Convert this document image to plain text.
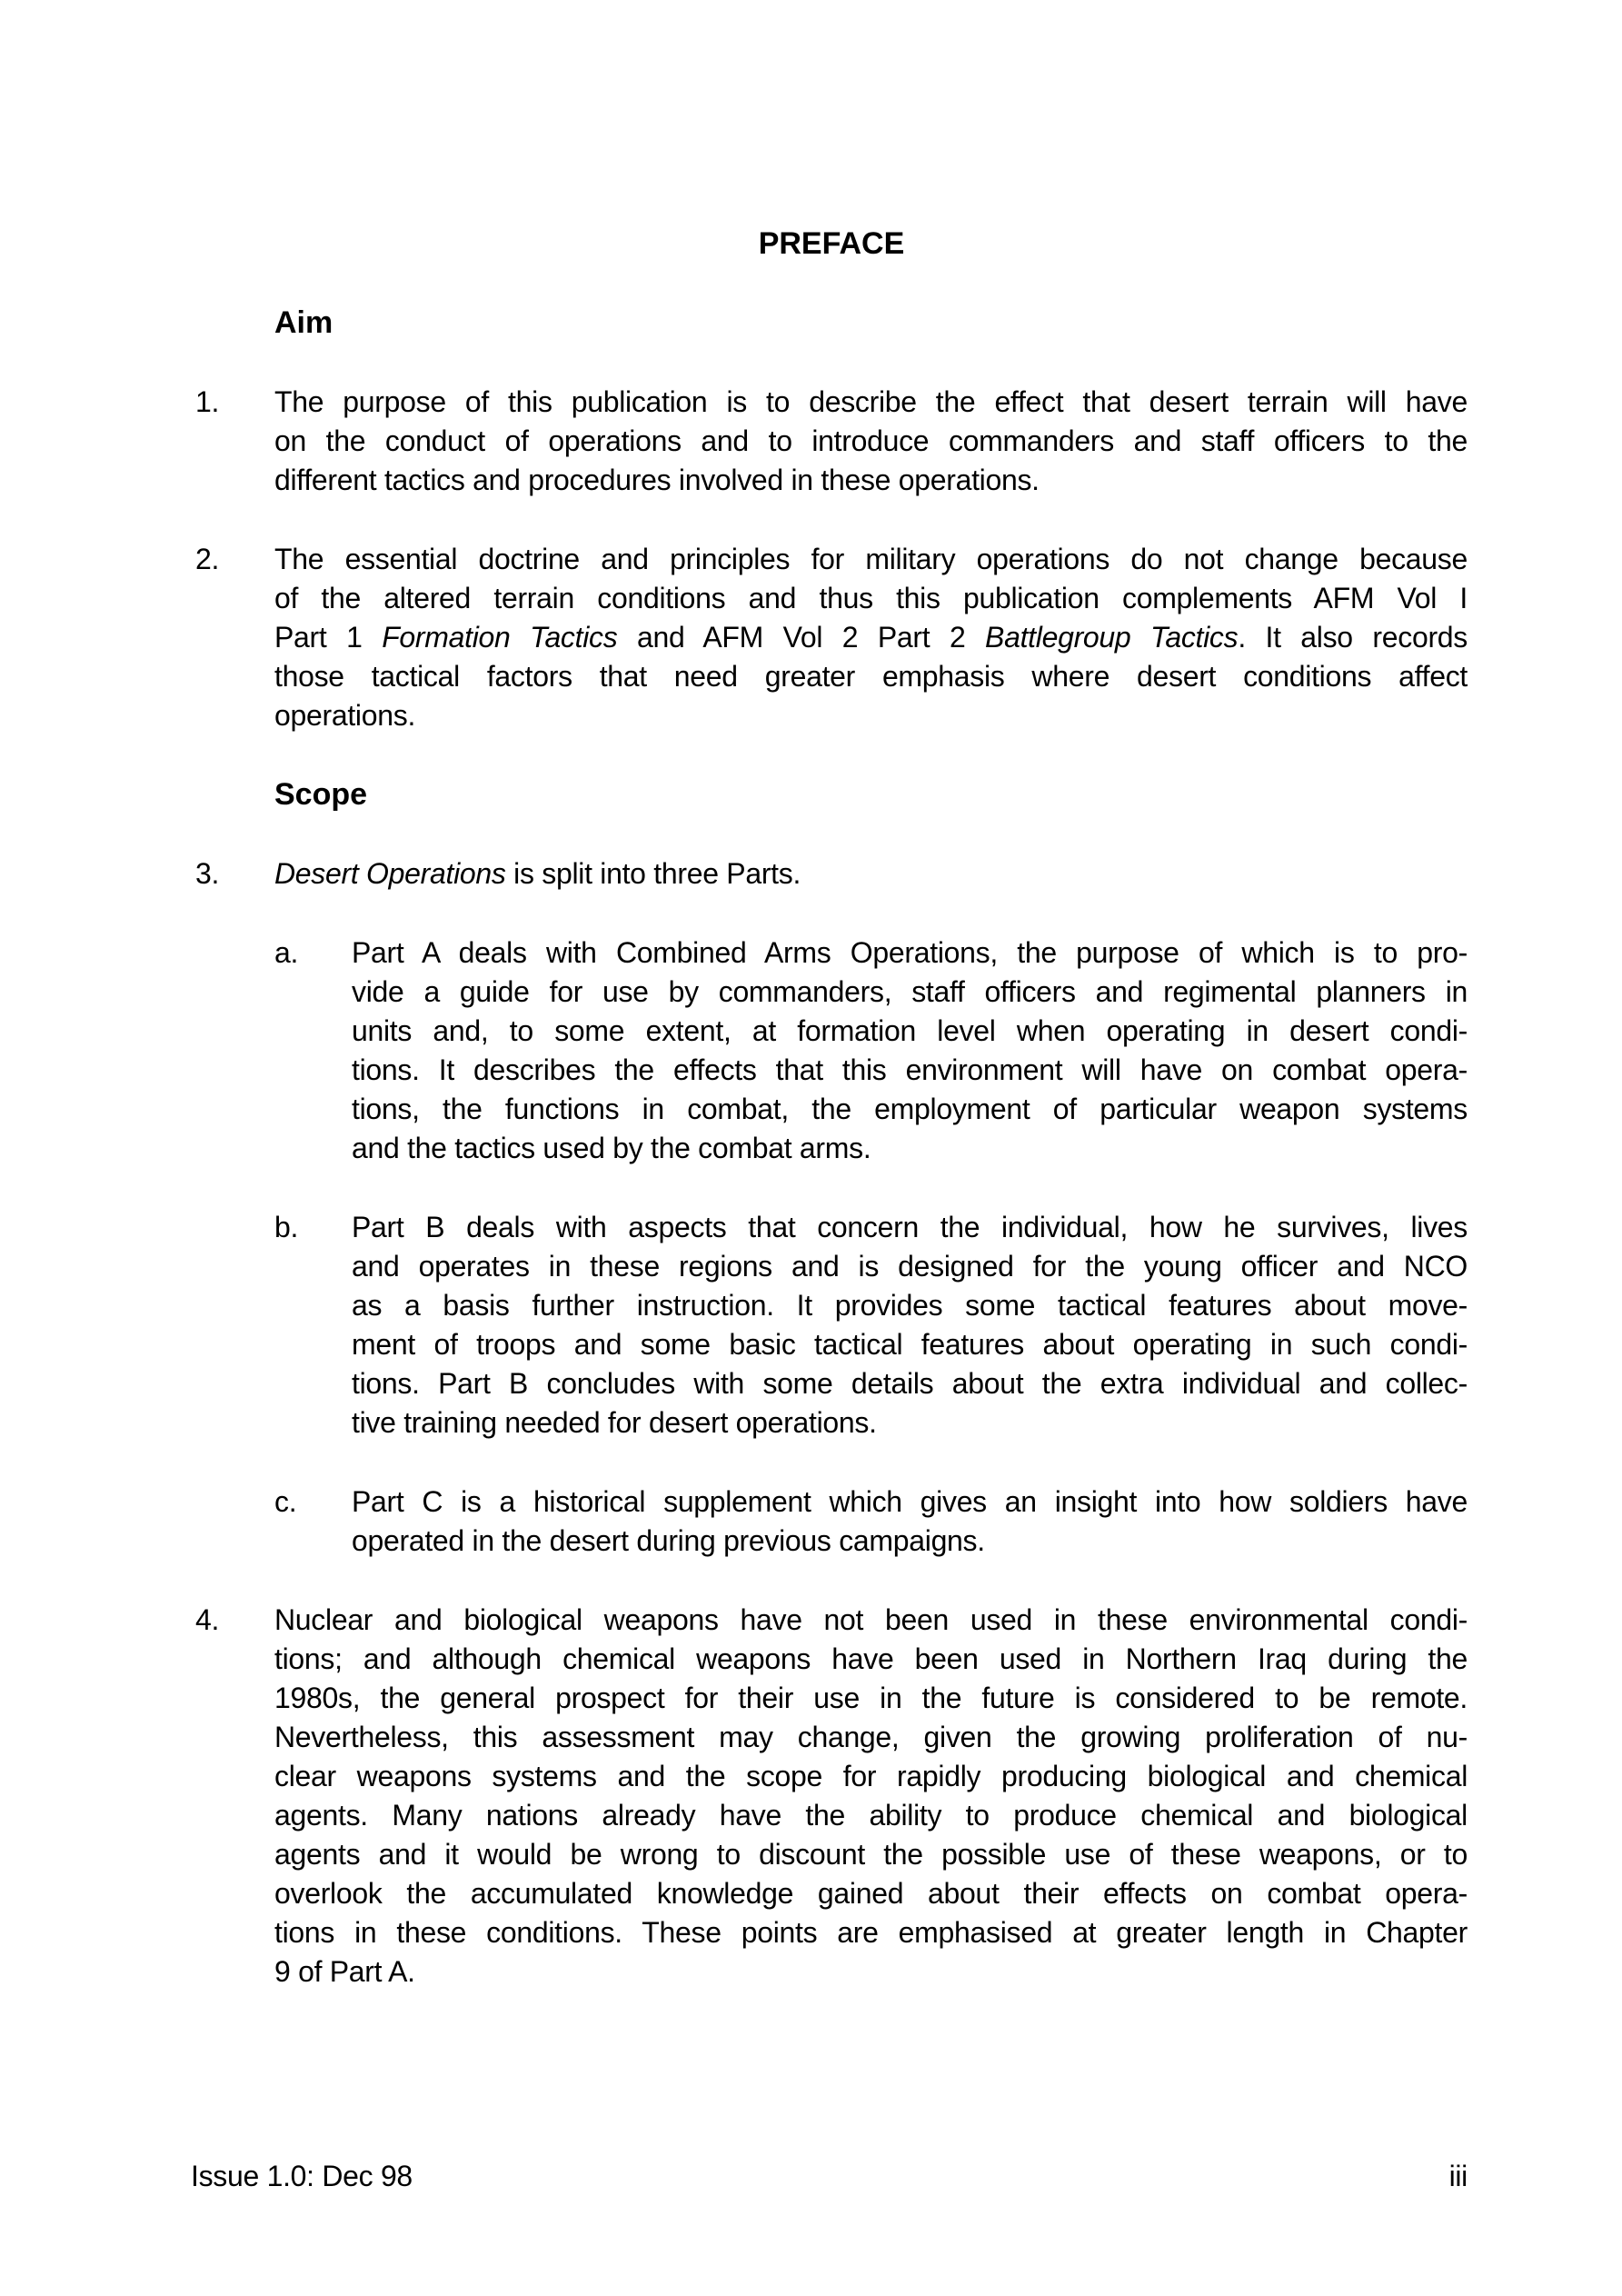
PREFACE
Aim
1.	The purpose of this publication is to describe the effect that desert terrain will have
on the conduct of operations and to introduce commanders and staff officers to the
different tactics and procedures involved in these operations.
2.	The essential doctrine and principles for military operations do not change because
of the altered terrain conditions and thus this publication complements AFM Vol I
Part 1 Formation Tactics and AFM Vol 2 Part 2 Battlegroup Tactics. It also records
those tactical factors that need greater emphasis where desert conditions affect
operations.
Scope
3.	Desert Operations is split into three Parts.
a.	Part A deals with Combined Arms Operations, the purpose of which is to pro-
vide a guide for use by commanders, staff officers and regimental planners in
units and, to some extent, at formation level when operating in desert condi-
tions. It describes the effects that this environment will have on combat opera-
tions, the functions in combat, the employment of particular weapon systems
and the tactics used by the combat arms.
b.	Part B deals with aspects that concern the individual, how he survives, lives
and operates in these regions and is designed for the young officer and NCO
as a basis further instruction. It provides some tactical features about move-
ment of troops and some basic tactical features about operating in such condi-
tions. Part B concludes with some details about the extra individual and collec-
tive training needed for desert operations.
c.	Part C is a historical supplement which gives an insight into how soldiers have
operated in the desert during previous campaigns.
4.	Nuclear and biological weapons have not been used in these environmental condi-
tions; and although chemical weapons have been used in Northern Iraq during the
1980s, the general prospect for their use in the future is considered to be remote.
Nevertheless, this assessment may change, given the growing proliferation of nu-
clear weapons systems and the scope for rapidly producing biological and chemical
agents. Many nations already have the ability to produce chemical and biological
agents and it would be wrong to discount the possible use of these weapons, or to
overlook the accumulated knowledge gained about their effects on combat opera-
tions in these conditions. These points are emphasised at greater length in Chapter
9 of Part A.
Issue 1.0: Dec 98	iii
